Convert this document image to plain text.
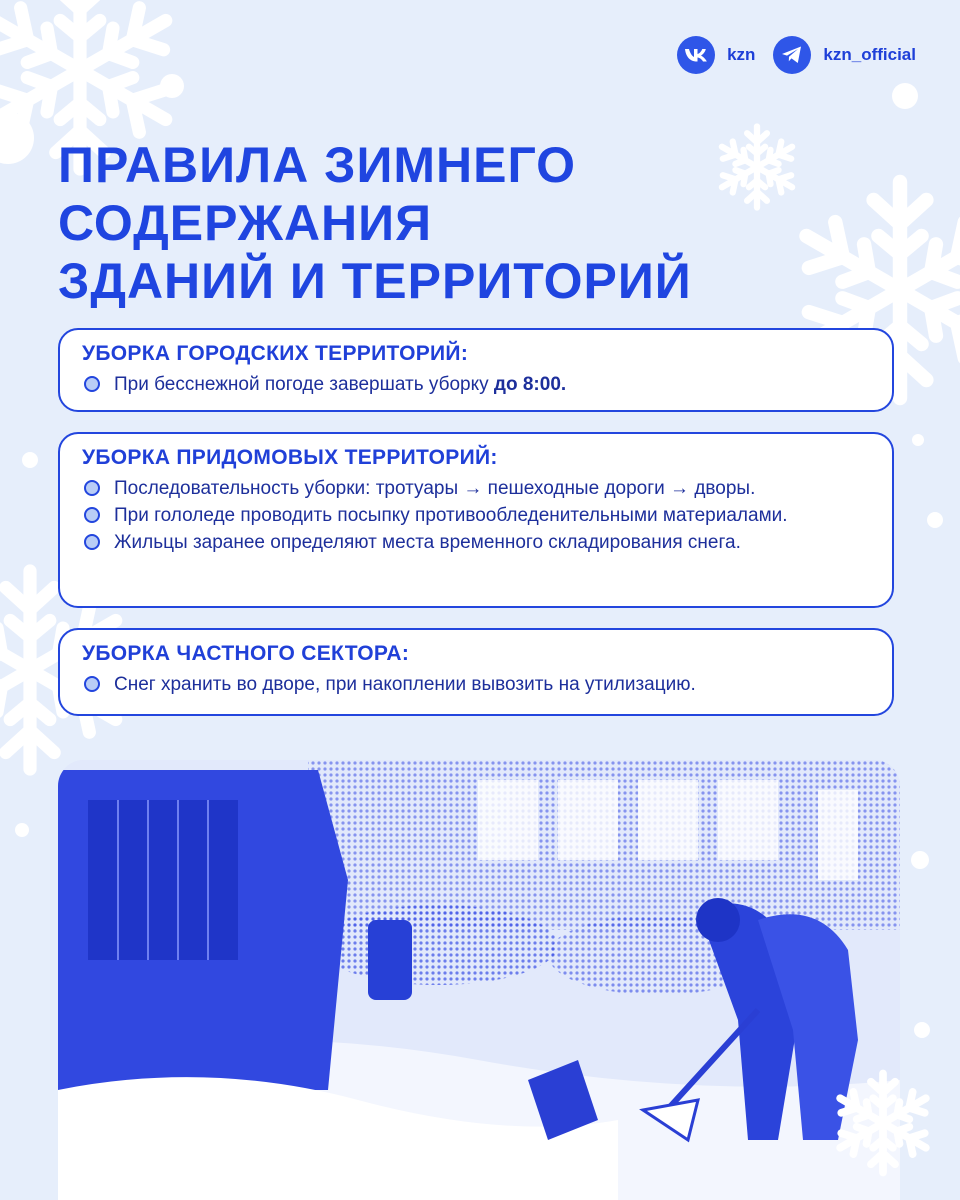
kzn	kzn_official
ПРАВИЛА ЗИМНЕГО
СОДЕРЖАНИЯ
ЗДАНИЙ И ТЕРРИТОРИЙ
УБОРКА ГОРОДСКИХ ТЕРРИТОРИЙ:
При бесснежной погоде завершать уборку до 8:00.
УБОРКА ПРИДОМОВЫХ ТЕРРИТОРИЙ:
Последовательность уборки: тротуары → пешеходные дороги → дворы.
При гололеде проводить посыпку противообледенительными материалами.
Жильцы заранее определяют места временного складирования снега.
УБОРКА ЧАСТНОГО СЕКТОРА:
Снег хранить во дворе, при накоплении вывозить на утилизацию.
